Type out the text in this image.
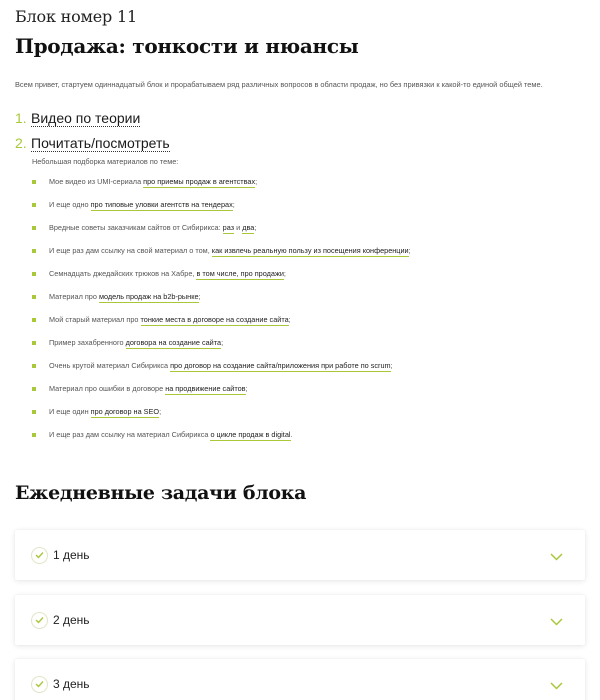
Блок номер 11
Продажа: тонкости и нюансы

Всем привет, стартуем одиннадцатый блок и прорабатываем ряд различных вопросов в области продаж, но без привязки к какой-то единой общей теме.

1. Видео по теории
2. Почитать/посмотреть

Небольшая подборка материалов по теме:

Мое видео из UMI-сериала про приемы продаж в агентствах;
И еще одно про типовые уловки агентств на тендерах;
Вредные советы заказчикам сайтов от Сибирикса: раз и два;
И еще раз дам ссылку на свой материал о том, как извлечь реальную пользу из посещения конференции;
Семнадцать джедайских трюков на Хабре, в том числе, про продажи;
Материал про модель продаж на b2b-рынке;
Мой старый материал про тонкие места в договоре на создание сайта;
Пример захабренного договора на создание сайта;
Очень крутой материал Сибирикса про договор на создание сайта/приложения при работе по scrum;
Материал про ошибки в договоре на продвижение сайтов;
И еще один про договор на SEO;
И еще раз дам ссылку на материал Сибирикса о цикле продаж в digital.
Ежедневные задачи блока
1 день
2 день
3 день
